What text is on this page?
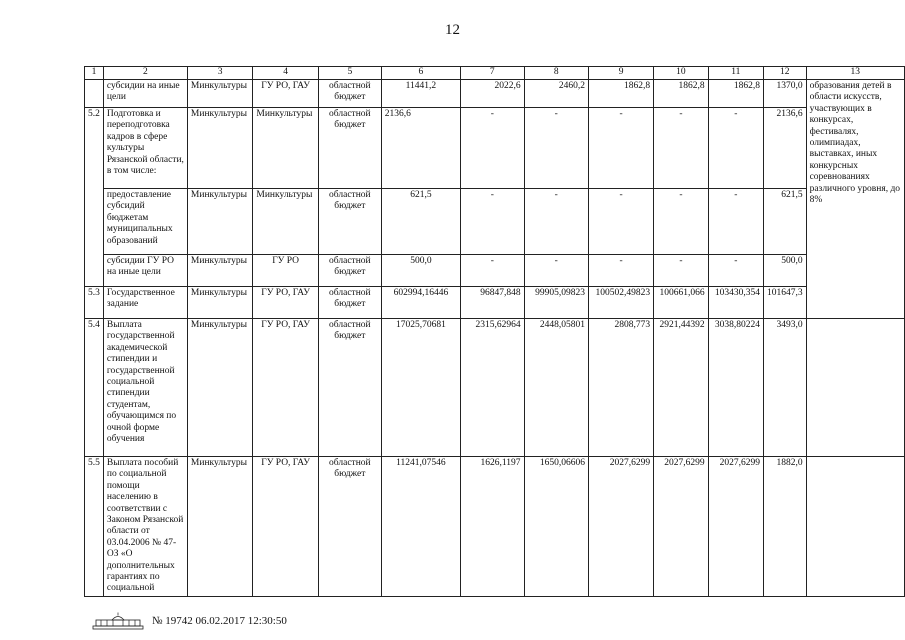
12
1	2	3	4	5	6	7	8	9	10	11	12	13
	субсидии на иные цели	Минкультуры	ГУ РО, ГАУ	областной бюджет	11441,2	2022,6	2460,2	1862,8	1862,8	1862,8	1370,0	образования детей в области искусств, участвующих в конкурсах, фестивалях, олимпиадах, выставках, иных конкурсных соревнованиях различного уровня, до 8%
5.2	Подготовка и переподготовка кадров в сфере культуры Рязанской области, в том числе:	Минкультуры	Минкультуры	областной бюджет	2136,6	-	-	-	-	-	2136,6	
	предоставление субсидий бюджетам муниципальных образований	Минкультуры	Минкультуры	областной бюджет	621,5	-	-	-	-	-	621,5	
	субсидии ГУ РО на иные цели	Минкультуры	ГУ РО	областной бюджет	500,0	-	-	-	-	-	500,0	
5.3	Государственное задание	Минкультуры	ГУ РО, ГАУ	областной бюджет	602994,16446	96847,848	99905,09823	100502,49823	100661,066	103430,354	101647,3	
5.4	Выплата государственной академической стипендии и государственной социальной стипендии студентам, обучающимся по очной форме обучения	Минкультуры	ГУ РО, ГАУ	областной бюджет	17025,70681	2315,62964	2448,05801	2808,773	2921,44392	3038,80224	3493,0	
5.5	Выплата пособий по социальной помощи населению в соответствии с Законом Рязанской области от 03.04.2006 № 47-ОЗ «О дополнительных гарантиях по социальной	Минкультуры	ГУ РО, ГАУ	областной бюджет	11241,07546	1626,1197	1650,06606	2027,6299	2027,6299	2027,6299	1882,0	
№ 19742 06.02.2017 12:30:50
